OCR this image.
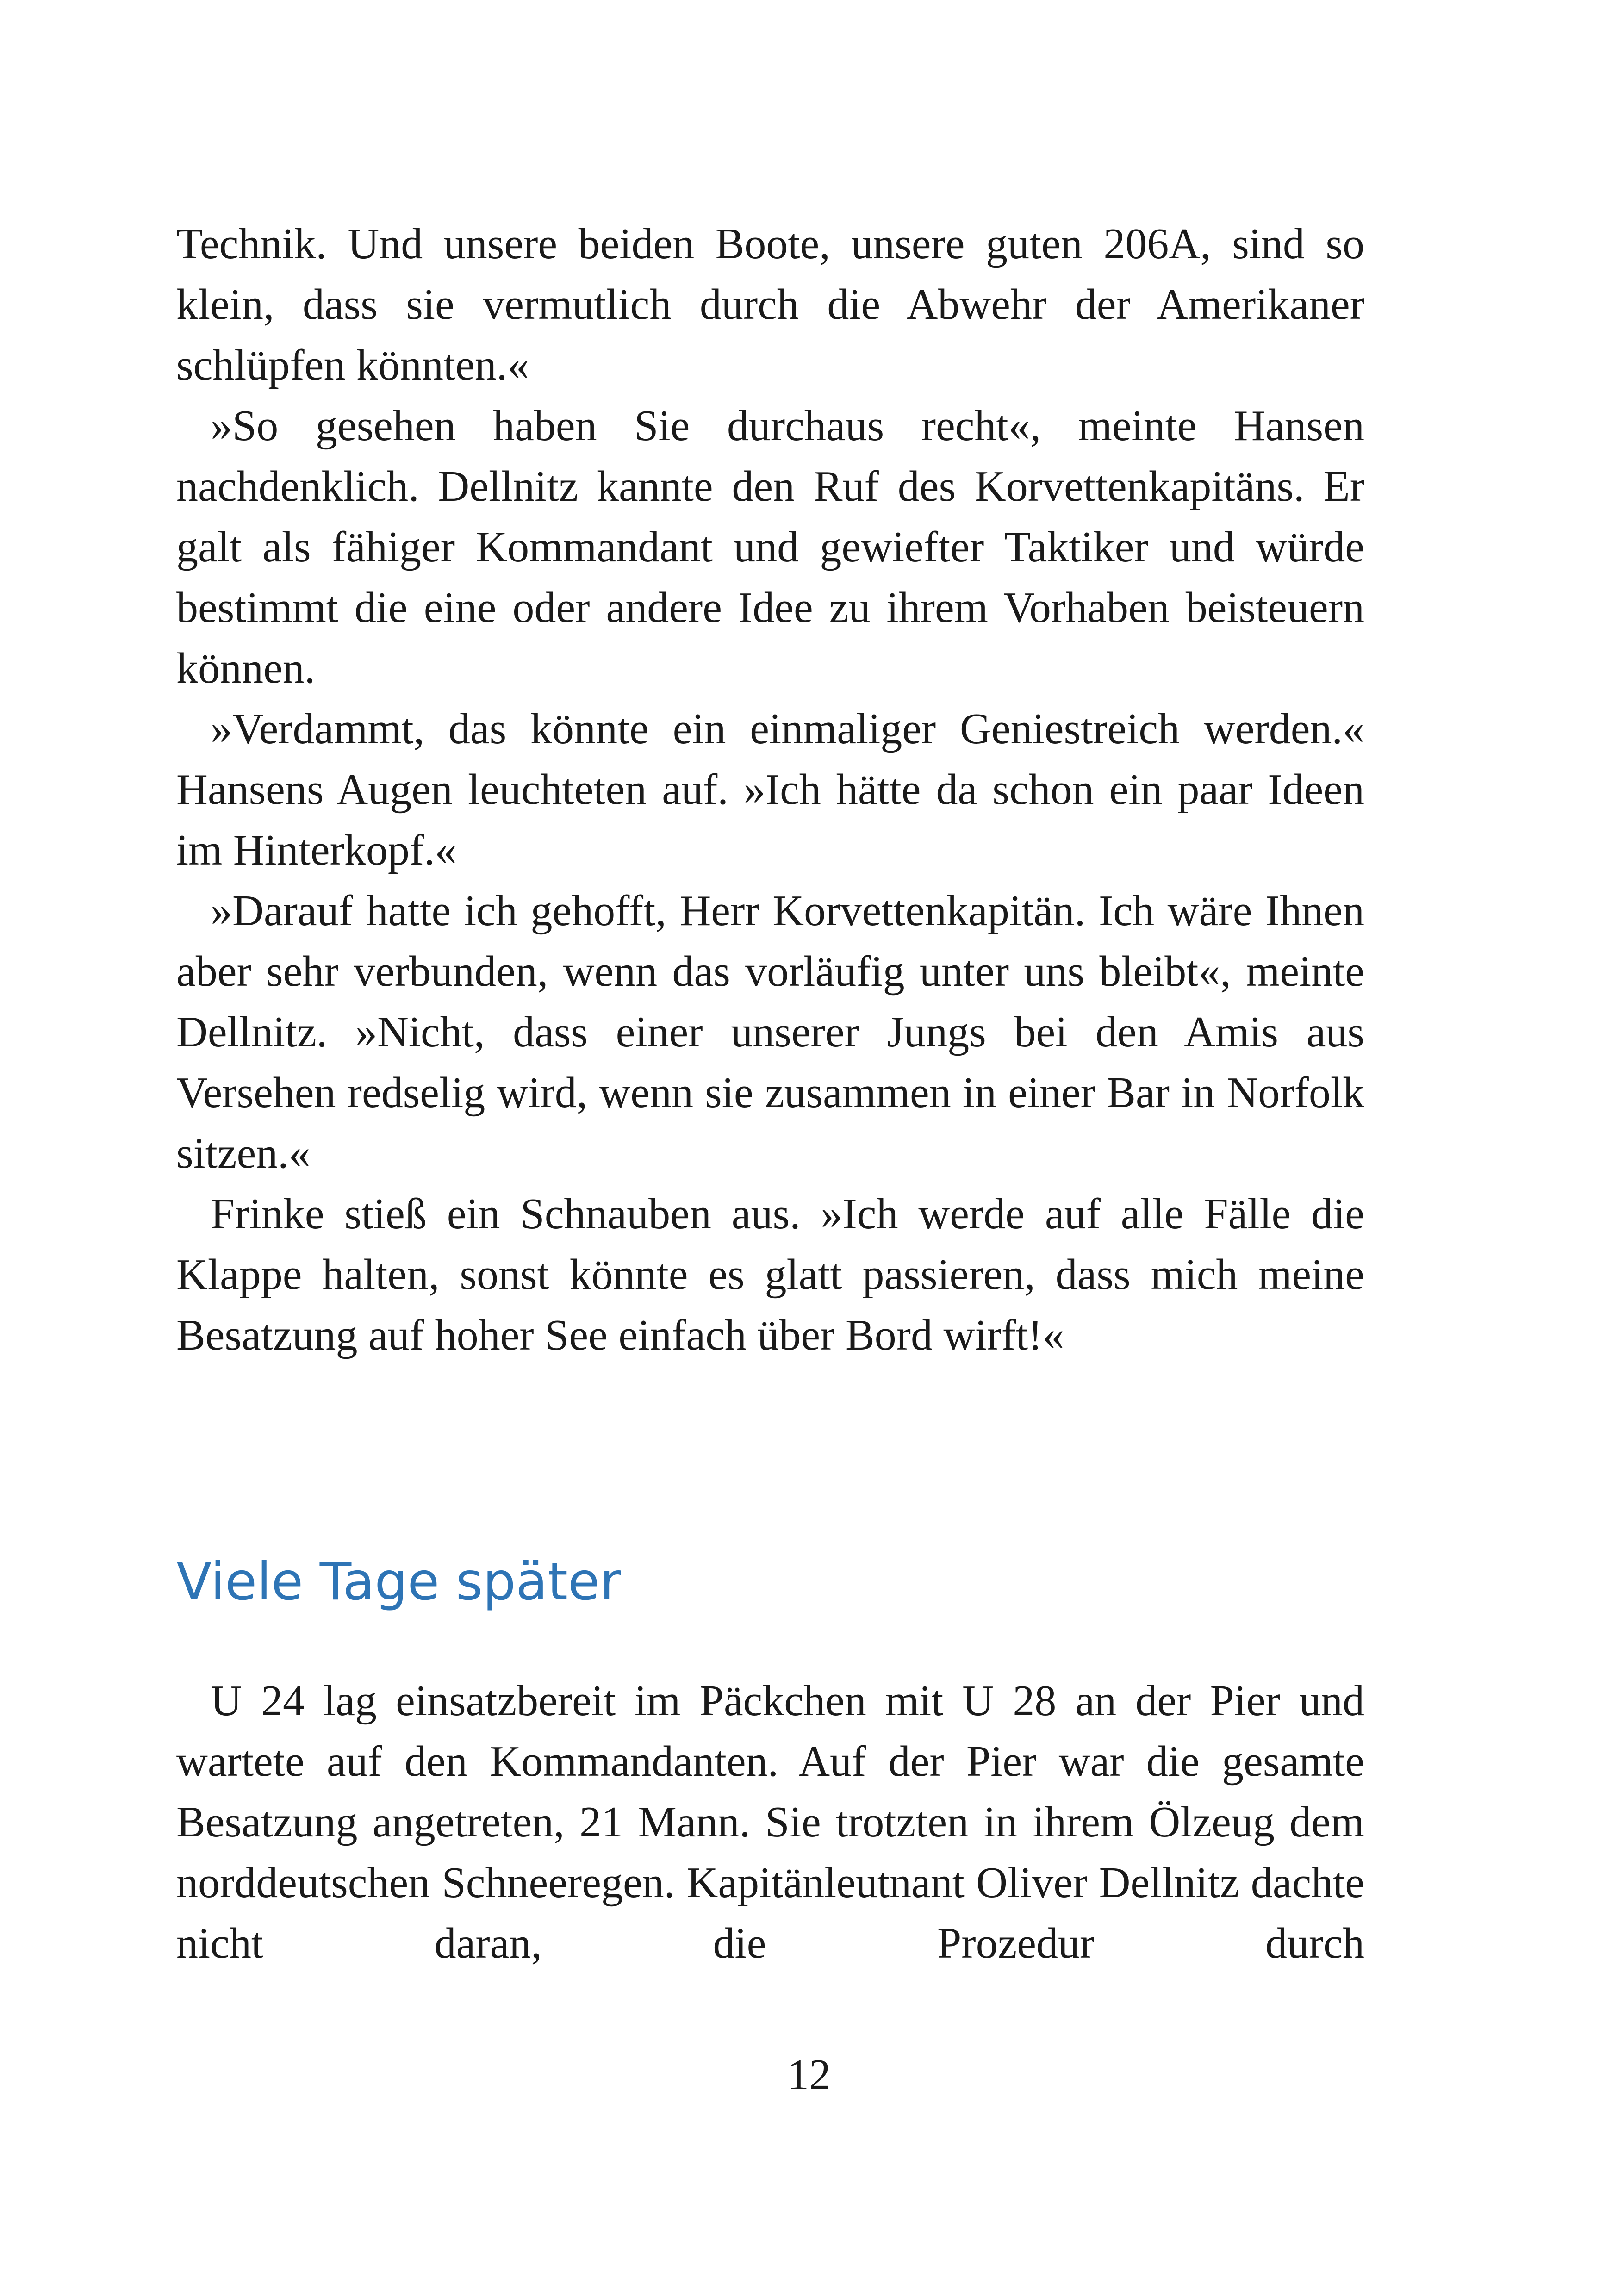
Technik. Und unsere beiden Boote, unsere guten 206A, sind so klein, dass sie vermutlich durch die Abwehr der Amerikaner schlüpfen könnten.«

»So gesehen haben Sie durchaus recht«, meinte Hansen nachdenklich. Dellnitz kannte den Ruf des Korvettenkapitäns. Er galt als fähiger Kommandant und gewiefter Taktiker und würde bestimmt die eine oder andere Idee zu ihrem Vorhaben beisteuern können.

»Verdammt, das könnte ein einmaliger Geniestreich werden.« Hansens Augen leuchteten auf. »Ich hätte da schon ein paar Ideen im Hinterkopf.«

»Darauf hatte ich gehofft, Herr Korvettenkapitän. Ich wäre Ihnen aber sehr verbunden, wenn das vorläufig unter uns bleibt«, meinte Dellnitz. »Nicht, dass einer unserer Jungs bei den Amis aus Versehen redselig wird, wenn sie zusammen in einer Bar in Norfolk sitzen.«

Frinke stieß ein Schnauben aus. »Ich werde auf alle Fälle die Klappe halten, sonst könnte es glatt passieren, dass mich meine Besatzung auf hoher See einfach über Bord wirft!«

Viele Tage später

U 24 lag einsatzbereit im Päckchen mit U 28 an der Pier und wartete auf den Kommandanten. Auf der Pier war die gesamte Besatzung angetreten, 21 Mann. Sie trotzten in ihrem Ölzeug dem norddeutschen Schneeregen. Kapitänleutnant Oliver Dellnitz dachte nicht daran, die Prozedur durch

12
